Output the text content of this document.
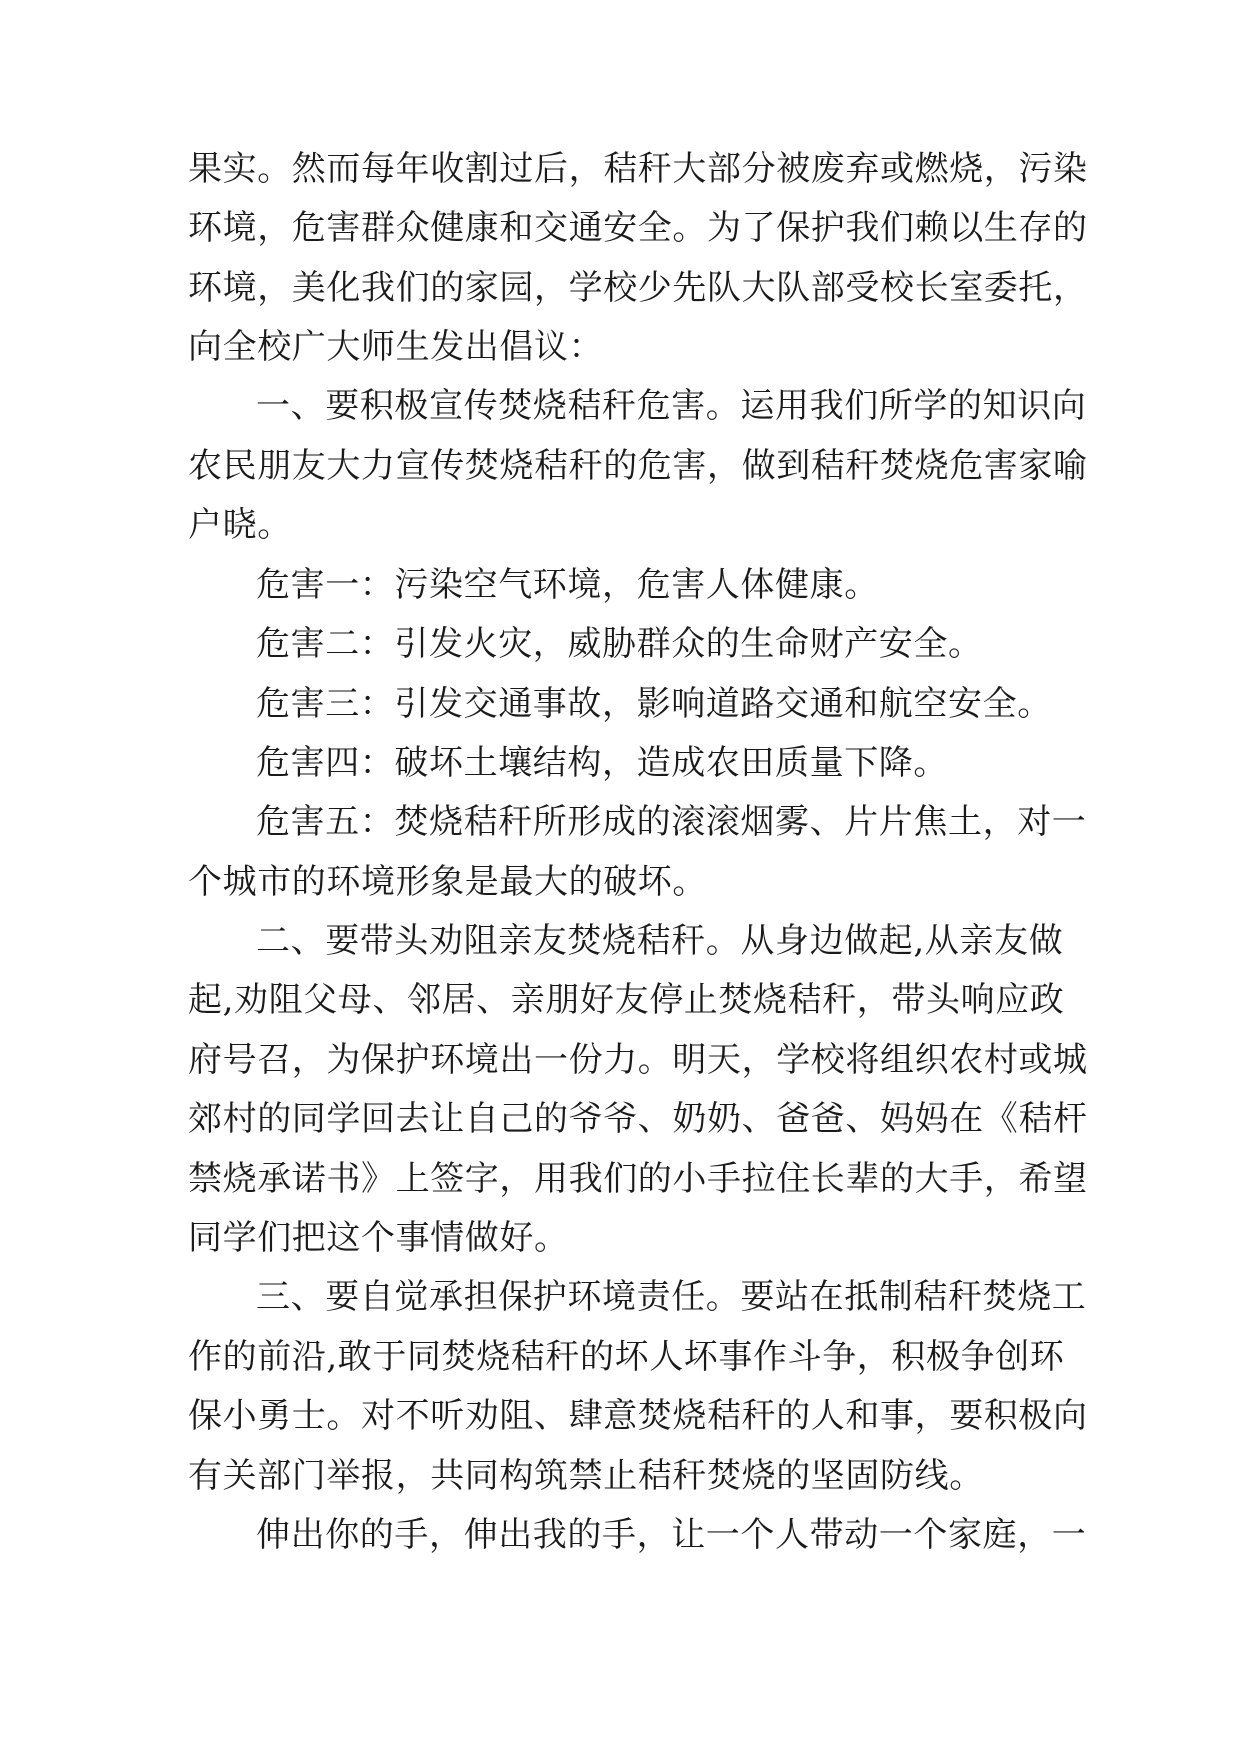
果实。然而每年收割过后，秸秆大部分被废弃或燃烧，污染
环境，危害群众健康和交通安全。为了保护我们赖以生存的
环境，美化我们的家园，学校少先队大队部受校长室委托，
向全校广大师生发出倡议：
一、要积极宣传焚烧秸秆危害。运用我们所学的知识向
农民朋友大力宣传焚烧秸秆的危害，做到秸秆焚烧危害家喻
户晓。
危害一：污染空气环境，危害人体健康。
危害二：引发火灾，威胁群众的生命财产安全。
危害三：引发交通事故，影响道路交通和航空安全。
危害四：破坏土壤结构，造成农田质量下降。
危害五：焚烧秸秆所形成的滚滚烟雾、片片焦土，对一
个城市的环境形象是最大的破坏。
二、要带头劝阻亲友焚烧秸秆。从身边做起,从亲友做
起,劝阻父母、邻居、亲朋好友停止焚烧秸秆，带头响应政
府号召，为保护环境出一份力。明天，学校将组织农村或城
郊村的同学回去让自己的爷爷、奶奶、爸爸、妈妈在《秸杆
禁烧承诺书》上签字，用我们的小手拉住长辈的大手，希望
同学们把这个事情做好。
三、要自觉承担保护环境责任。要站在抵制秸秆焚烧工
作的前沿,敢于同焚烧秸秆的坏人坏事作斗争，积极争创环
保小勇士。对不听劝阻、肆意焚烧秸秆的人和事，要积极向
有关部门举报，共同构筑禁止秸秆焚烧的坚固防线。
伸出你的手，伸出我的手，让一个人带动一个家庭，一
